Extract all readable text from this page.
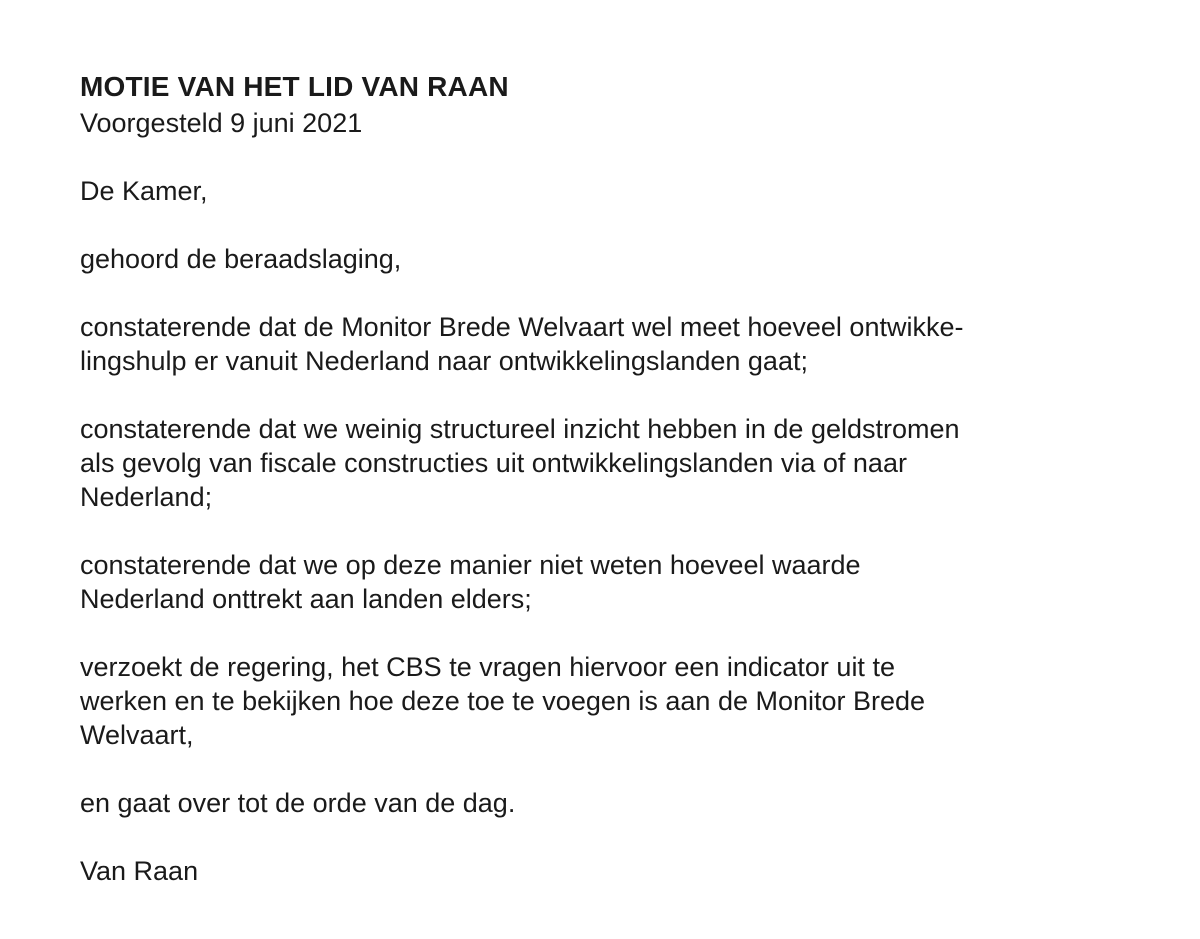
MOTIE VAN HET LID VAN RAAN

Voorgesteld 9 juni 2021

De Kamer,

gehoord de beraadslaging,

constaterende dat de Monitor Brede Welvaart wel meet hoeveel ontwikke-
lingshulp er vanuit Nederland naar ontwikkelingslanden gaat;

constaterende dat we weinig structureel inzicht hebben in de geldstromen
als gevolg van fiscale constructies uit ontwikkelingslanden via of naar
Nederland;

constaterende dat we op deze manier niet weten hoeveel waarde
Nederland onttrekt aan landen elders;

verzoekt de regering, het CBS te vragen hiervoor een indicator uit te
werken en te bekijken hoe deze toe te voegen is aan de Monitor Brede
Welvaart,

en gaat over tot de orde van de dag.

Van Raan
